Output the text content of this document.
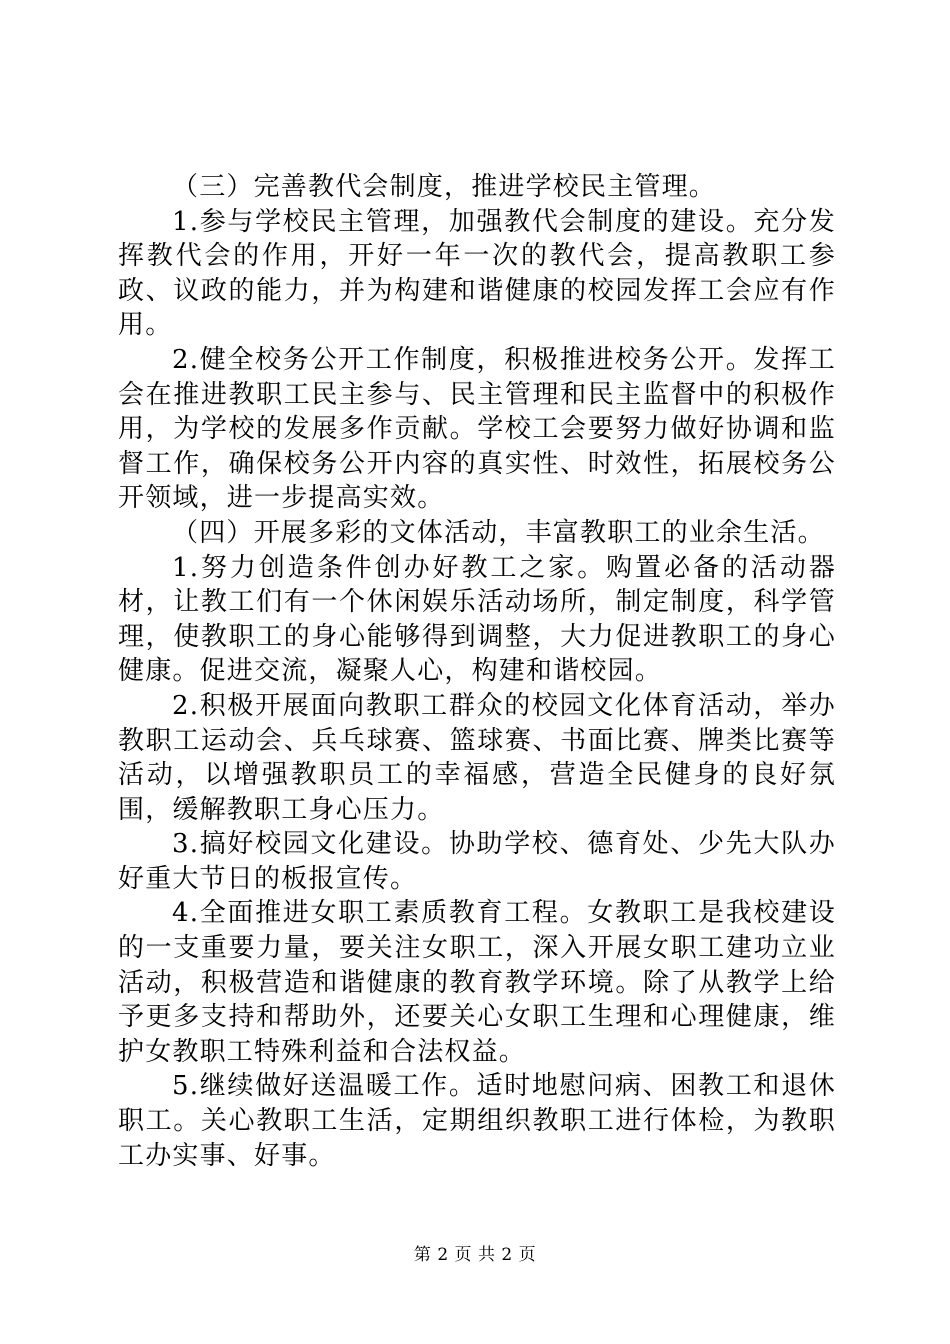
（三）完善教代会制度，推进学校民主管理。

1.参与学校民主管理，加强教代会制度的建设。充分发挥教代会的作用，开好一年一次的教代会，提高教职工参政、议政的能力，并为构建和谐健康的校园发挥工会应有作用。

2.健全校务公开工作制度，积极推进校务公开。发挥工会在推进教职工民主参与、民主管理和民主监督中的积极作用，为学校的发展多作贡献。学校工会要努力做好协调和监督工作，确保校务公开内容的真实性、时效性，拓展校务公开领域，进一步提高实效。

（四）开展多彩的文体活动，丰富教职工的业余生活。

1.努力创造条件创办好教工之家。购置必备的活动器材，让教工们有一个休闲娱乐活动场所，制定制度，科学管理，使教职工的身心能够得到调整，大力促进教职工的身心健康。促进交流，凝聚人心，构建和谐校园。

2.积极开展面向教职工群众的校园文化体育活动，举办教职工运动会、兵乓球赛、篮球赛、书面比赛、牌类比赛等活动，以增强教职员工的幸福感，营造全民健身的良好氛围，缓解教职工身心压力。

3.搞好校园文化建设。协助学校、德育处、少先大队办好重大节日的板报宣传。

4.全面推进女职工素质教育工程。女教职工是我校建设的一支重要力量，要关注女职工，深入开展女职工建功立业活动，积极营造和谐健康的教育教学环境。除了从教学上给予更多支持和帮助外，还要关心女职工生理和心理健康，维护女教职工特殊利益和合法权益。

5.继续做好送温暖工作。适时地慰问病、困教工和退休职工。关心教职工生活，定期组织教职工进行体检，为教职工办实事、好事。

第 2 页 共 2 页
